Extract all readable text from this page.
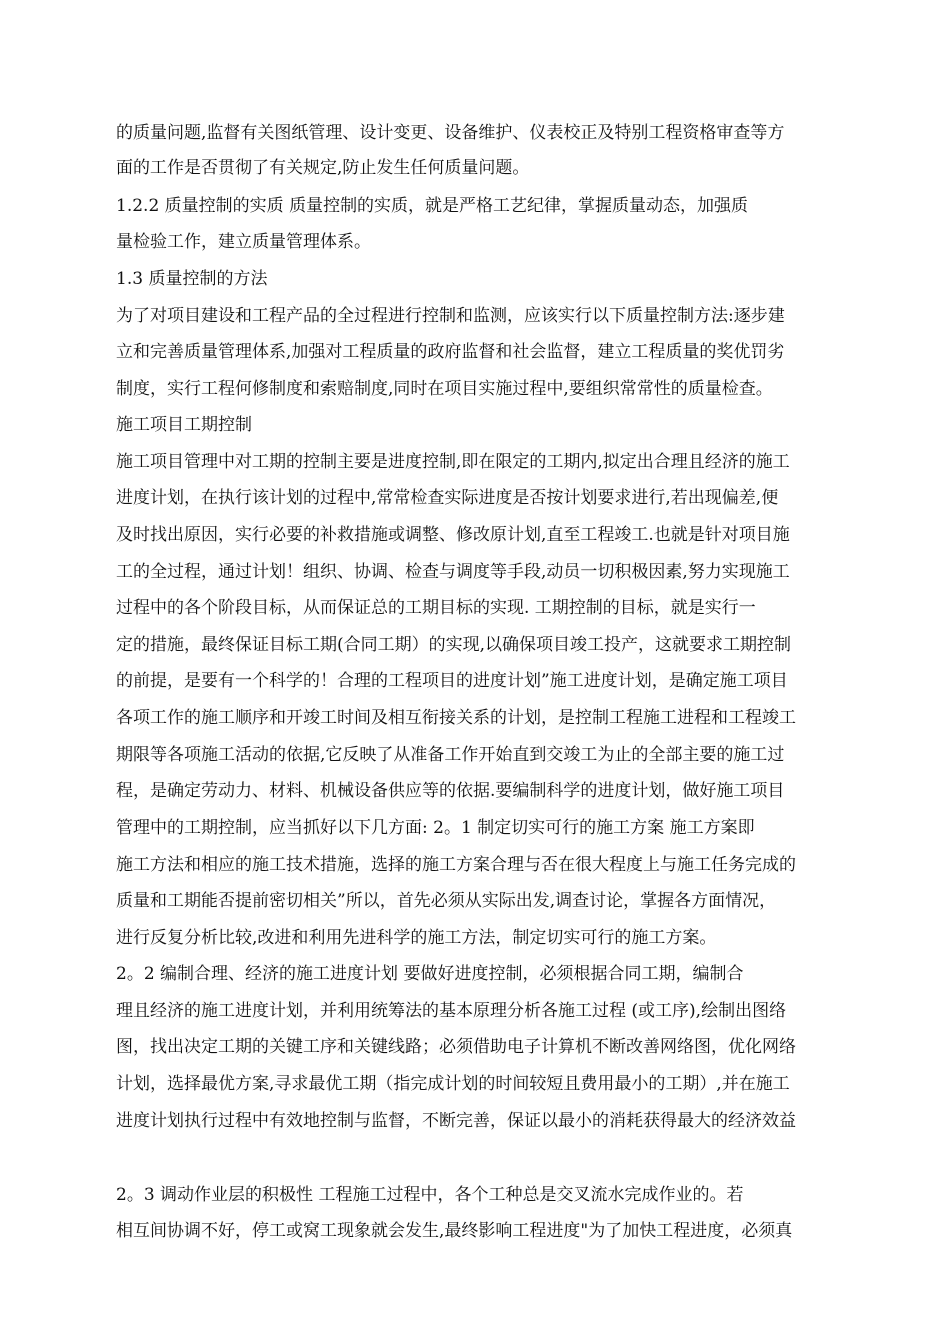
的质量问题,监督有关图纸管理、设计变更、设备维护、仪表校正及特别工程资格审查等方
面的工作是否贯彻了有关规定,防止发生任何质量问题。
1.2.2 质量控制的实质 质量控制的实质，就是严格工艺纪律，掌握质量动态，加强质
量检验工作，建立质量管理体系。
1.3 质量控制的方法
为了对项目建设和工程产品的全过程进行控制和监测，应该实行以下质量控制方法:逐步建
立和完善质量管理体系,加强对工程质量的政府监督和社会监督，建立工程质量的奖优罚劣
制度，实行工程何修制度和索赔制度,同时在项目实施过程中,要组织常常性的质量检查。
施工项目工期控制
施工项目管理中对工期的控制主要是进度控制,即在限定的工期内,拟定出合理且经济的施工
进度计划，在执行该计划的过程中,常常检查实际进度是否按计划要求进行,若出现偏差,便
及时找出原因，实行必要的补救措施或调整、修改原计划,直至工程竣工.也就是针对项目施
工的全过程，通过计划！组织、协调、检查与调度等手段,动员一切积极因素,努力实现施工
过程中的各个阶段目标，从而保证总的工期目标的实现. 工期控制的目标，就是实行一
定的措施，最终保证目标工期(合同工期）的实现,以确保项目竣工投产，这就要求工期控制
的前提，是要有一个科学的！合理的工程项目的进度计划”施工进度计划，是确定施工项目
各项工作的施工顺序和开竣工时间及相互衔接关系的计划，是控制工程施工进程和工程竣工
期限等各项施工活动的依据,它反映了从准备工作开始直到交竣工为止的全部主要的施工过
程，是确定劳动力、材料、机械设备供应等的依据.要编制科学的进度计划，做好施工项目
管理中的工期控制，应当抓好以下几方面: 2。1 制定切实可行的施工方案 施工方案即
施工方法和相应的施工技术措施，选择的施工方案合理与否在很大程度上与施工任务完成的
质量和工期能否提前密切相关”所以，首先必须从实际出发,调查讨论，掌握各方面情况，
进行反复分析比较,改进和利用先进科学的施工方法，制定切实可行的施工方案。
2。2 编制合理、经济的施工进度计划 要做好进度控制，必须根据合同工期，编制合
理且经济的施工进度计划，并利用统筹法的基本原理分析各施工过程 (或工序),绘制出图络
图，找出决定工期的关键工序和关键线路；必须借助电子计算机不断改善网络图，优化网络
计划，选择最优方案,寻求最优工期（指完成计划的时间较短且费用最小的工期）,并在施工
进度计划执行过程中有效地控制与监督，不断完善，保证以最小的消耗获得最大的经济效益
2。3 调动作业层的积极性 工程施工过程中，各个工种总是交叉流水完成作业的。若
相互间协调不好，停工或窝工现象就会发生,最终影响工程进度"为了加快工程进度，必须真
